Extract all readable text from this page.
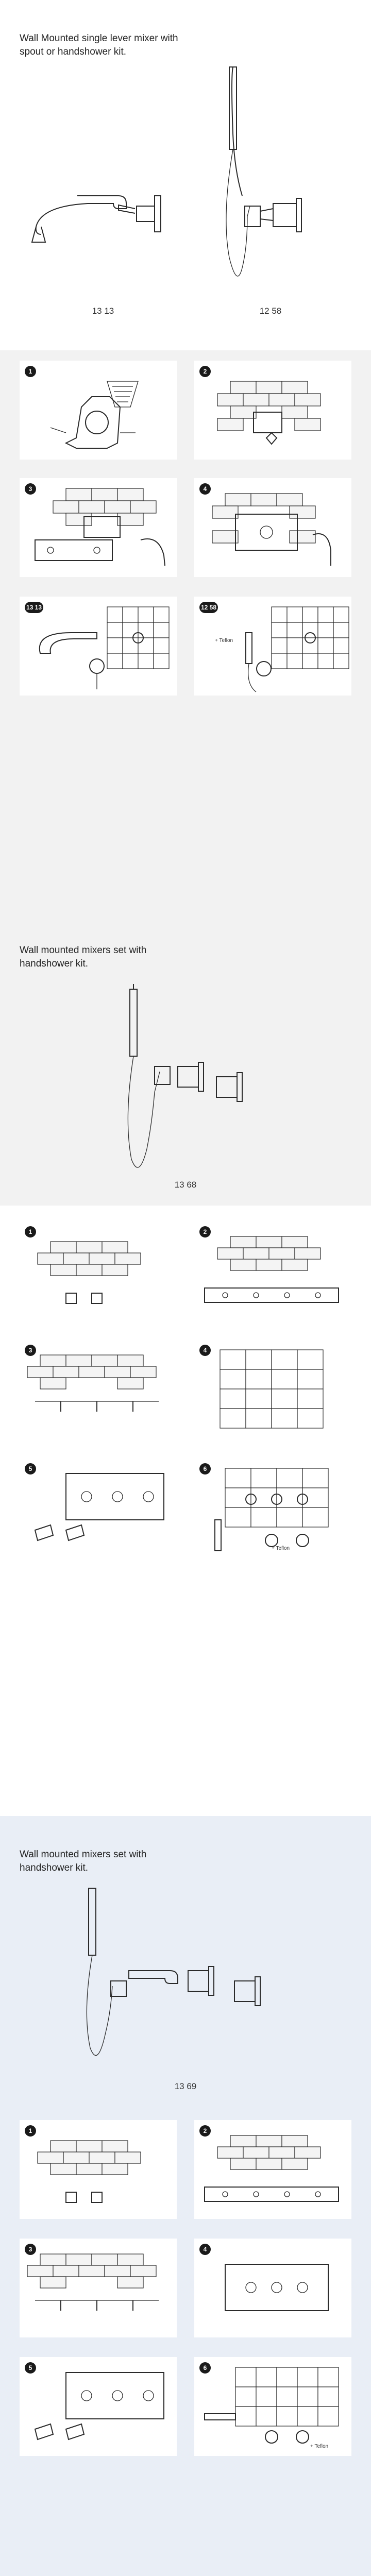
Wall Mounted single lever mixer with
spout or handshower kit.
13 13	12 58
1	2
3	4
13 13	12 58
+ Teflon
Wall mounted mixers set with
handshower kit.
13 68
1	2
3	4
5	6
+ Teflon
Wall mounted mixers set with
handshower kit.
13 69
1	2
3	4
5	6
+ Teflon
